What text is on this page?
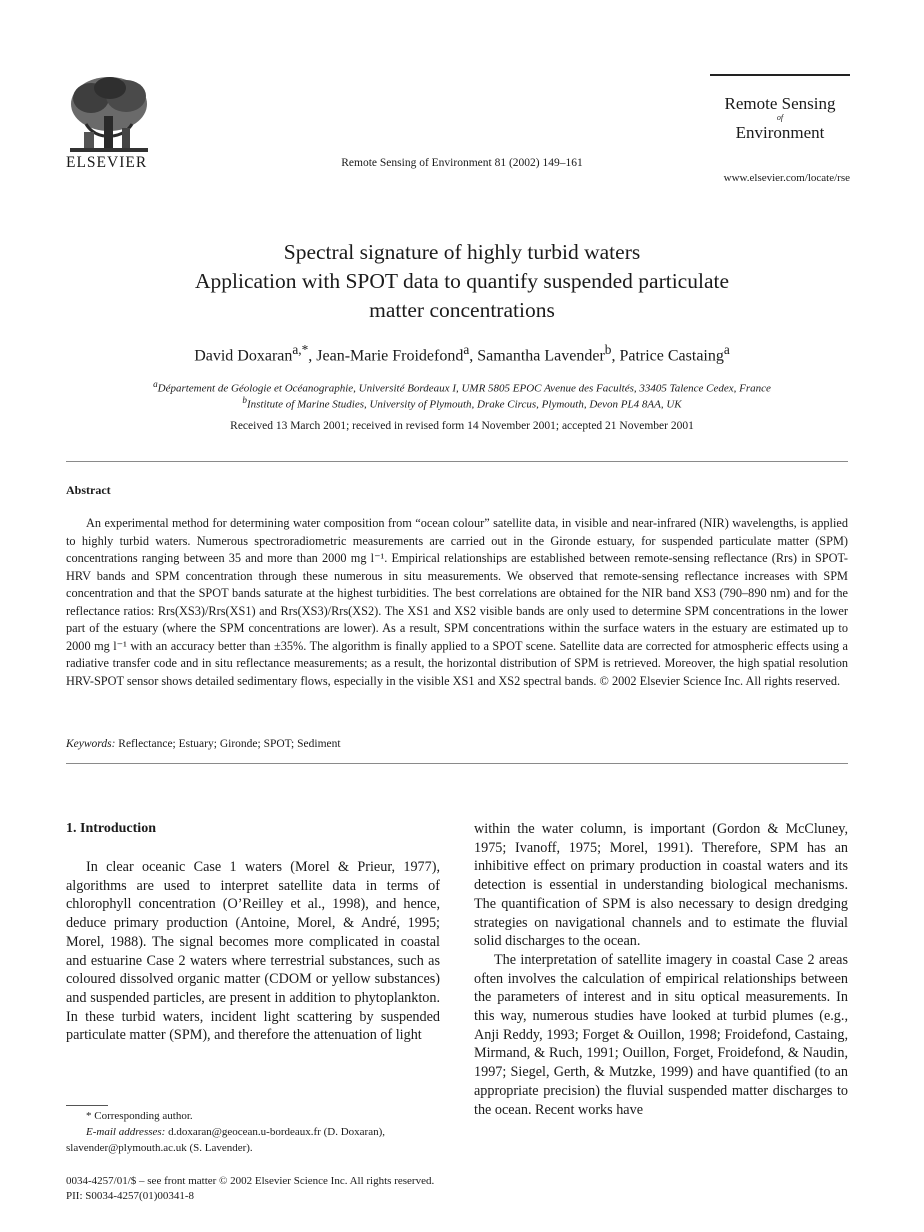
ELSEVIER	Remote Sensing of Environment 81 (2002) 149–161
Remote Sensing
of
Environment
www.elsevier.com/locate/rse
Spectral signature of highly turbid waters
Application with SPOT data to quantify suspended particulate
matter concentrations
David Doxaran$^{a,*}$, Jean-Marie Froidefond$^a$, Samantha Lavender$^b$, Patrice Castaing$^a$
$^a$Département de Géologie et Océanographie, Université Bordeaux I, UMR 5805 EPOC Avenue des Facultés, 33405 Talence Cedex, France
$^b$Institute of Marine Studies, University of Plymouth, Drake Circus, Plymouth, Devon PL4 8AA, UK
Received 13 March 2001; received in revised form 14 November 2001; accepted 21 November 2001
Abstract

An experimental method for determining water composition from “ocean colour” satellite data, in visible and near-infrared (NIR) wavelengths, is applied to highly turbid waters. Numerous spectroradiometric measurements are carried out in the Gironde estuary, for suspended particulate matter (SPM) concentrations ranging between 35 and more than 2000 mg l⁻¹. Empirical relationships are established between remote-sensing reflectance (Rrs) in SPOT-HRV bands and SPM concentration through these numerous in situ measurements. We observed that remote-sensing reflectance increases with SPM concentration and that the SPOT bands saturate at the highest turbidities. The best correlations are obtained for the NIR band XS3 (790–890 nm) and for the reflectance ratios: Rrs(XS3)/Rrs(XS1) and Rrs(XS3)/Rrs(XS2). The XS1 and XS2 visible bands are only used to determine SPM concentrations in the lower part of the estuary (where the SPM concentrations are lower). As a result, SPM concentrations within the surface waters in the estuary are estimated up to 2000 mg l⁻¹ with an accuracy better than ±35%. The algorithm is finally applied to a SPOT scene. Satellite data are corrected for atmospheric effects using a radiative transfer code and in situ reflectance measurements; as a result, the horizontal distribution of SPM is retrieved. Moreover, the high spatial resolution HRV-SPOT sensor shows detailed sedimentary flows, especially in the visible XS1 and XS2 spectral bands. © 2002 Elsevier Science Inc. All rights reserved.

Keywords: Reflectance; Estuary; Gironde; SPOT; Sediment
1. Introduction

In clear oceanic Case 1 waters (Morel & Prieur, 1977), algorithms are used to interpret satellite data in terms of chlorophyll concentration (O’Reilley et al., 1998), and hence, deduce primary production (Antoine, Morel, & André, 1995; Morel, 1988). The signal becomes more complicated in coastal and estuarine Case 2 waters where terrestrial substances, such as coloured dissolved organic matter (CDOM or yellow substances) and suspended particles, are present in addition to phytoplankton. In these turbid waters, incident light scattering by suspended particulate matter (SPM), and therefore the attenuation of light

within the water column, is important (Gordon & McCluney, 1975; Ivanoff, 1975; Morel, 1991). Therefore, SPM has an inhibitive effect on primary production in coastal waters and its detection is essential in understanding biological mechanisms. The quantification of SPM is also necessary to design dredging strategies on navigational channels and to estimate the fluvial solid discharges to the ocean.

The interpretation of satellite imagery in coastal Case 2 areas often involves the calculation of empirical relationships between the parameters of interest and in situ optical measurements. In this way, numerous studies have looked at turbid plumes (e.g., Anji Reddy, 1993; Forget & Ouillon, 1998; Froidefond, Castaing, Mirmand, & Ruch, 1991; Ouillon, Forget, Froidefond, & Naudin, 1997; Siegel, Gerth, & Mutzke, 1999) and have quantified (to an appropriate precision) the fluvial suspended matter discharges to the ocean. Recent works have

* Corresponding author.
E-mail addresses: d.doxaran@geocean.u-bordeaux.fr (D. Doxaran), slavender@plymouth.ac.uk (S. Lavender).
0034-4257/01/$ – see front matter © 2002 Elsevier Science Inc. All rights reserved.
PII: S0034-4257(01)00341-8
